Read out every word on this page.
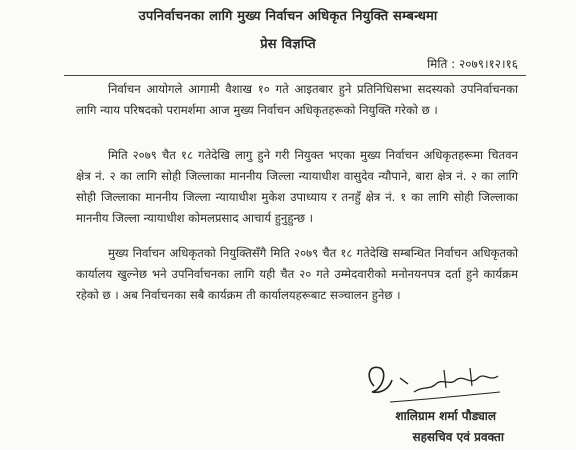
उपनिर्वाचनका लागि मुख्य निर्वाचन अधिकृत नियुक्ति सम्बन्धमा
प्रेस विज्ञप्ति
मिति : २०७९।१२।१६
निर्वाचन आयोगले आगामी वैशाख १० गते आइतबार हुने प्रतिनिधिसभा सदस्यको उपनिर्वाचनका लागि न्याय परिषदको परामर्शमा आज मुख्य निर्वाचन अधिकृतहरूको नियुक्ति गरेको छ ।
मिति २०७९ चैत १८ गतेदेखि लागु हुने गरी नियुक्त भएका मुख्य निर्वाचन अधिकृतहरूमा चितवन क्षेत्र नं. २ का लागि सोही जिल्लाका माननीय जिल्ला न्यायाधीश वासुदेव न्यौपाने, बारा क्षेत्र नं. २ का लागि सोही जिल्लाका माननीय जिल्ला न्यायाधीश मुकेश उपाध्याय र तनहुँ क्षेत्र नं. १ का लागि सोही जिल्लाका माननीय जिल्ला न्यायाधीश कोमलप्रसाद आचार्य हुनुहुन्छ ।
मुख्य निर्वाचन अधिकृतको नियुक्तिसँगै मिति २०७९ चैत १८ गतेदेखि सम्बन्धित निर्वाचन अधिकृतको कार्यालय खुल्नेछ भने उपनिर्वाचनका लागि यही चैत २० गते उम्मेदवारीको मनोनयनपत्र दर्ता हुने कार्यक्रम रहेको छ । अब निर्वाचनका सबै कार्यक्रम ती कार्यालयहरूबाट सञ्चालन हुनेछ ।
शालिग्राम शर्मा पौड्याल
सहसचिव एवं प्रवक्ता
